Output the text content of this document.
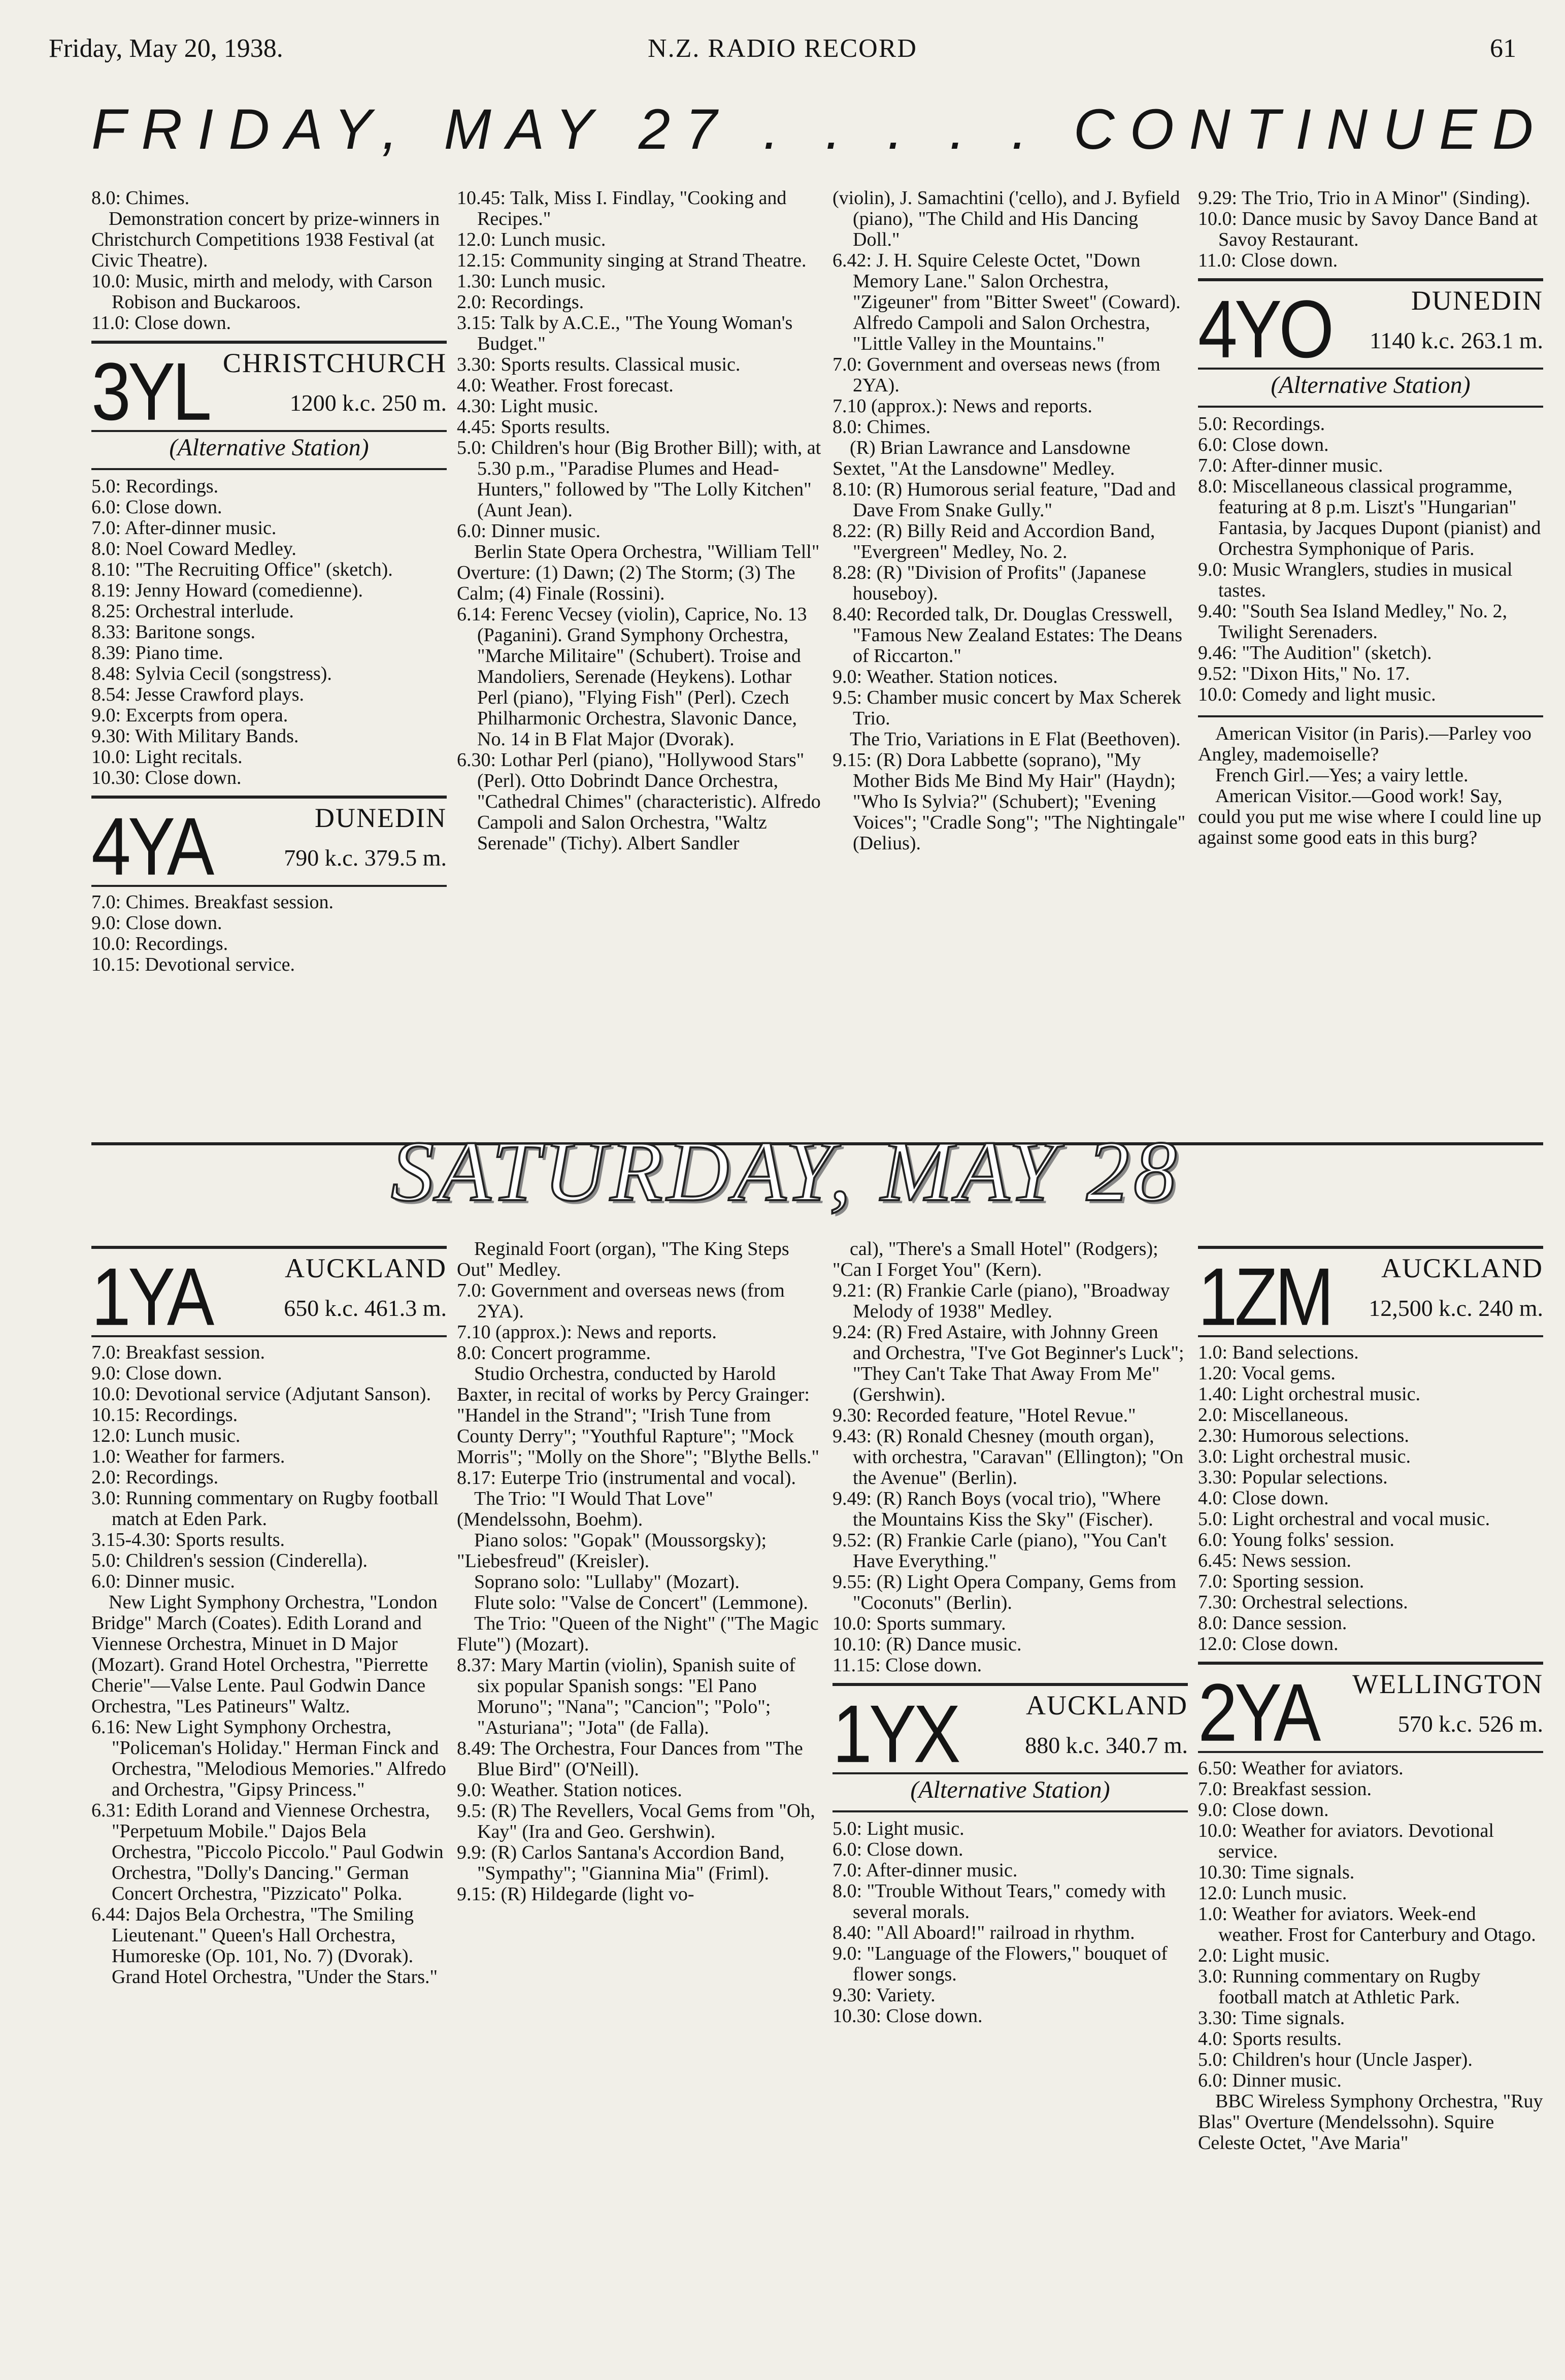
Friday, May 20, 1938.	N.Z. RADIO RECORD	61
FRIDAY, MAY 27 . . . . . CONTINUED

8.0: Chimes.

Demonstration concert by prize-winners in Christchurch Competitions 1938 Festival (at Civic Theatre).

10.0: Music, mirth and melody, with Carson Robison and Buckaroos.

11.0: Close down.

3YL CHRISTCHURCH
1200 k.c. 250 m.
(Alternative Station)

5.0: Recordings.

6.0: Close down.

7.0: After-dinner music.

8.0: Noel Coward Medley.

8.10: "The Recruiting Office" (sketch).

8.19: Jenny Howard (comedienne).

8.25: Orchestral interlude.

8.33: Baritone songs.

8.39: Piano time.

8.48: Sylvia Cecil (songstress).

8.54: Jesse Crawford plays.

9.0: Excerpts from opera.

9.30: With Military Bands.

10.0: Light recitals.

10.30: Close down.

4YA	DUNEDIN
790 k.c. 379.5 m.

7.0: Chimes. Breakfast session.

9.0: Close down.

10.0: Recordings.

10.15: Devotional service.

10.45: Talk, Miss I. Findlay, "Cooking and Recipes."

12.0: Lunch music.

12.15: Community singing at Strand Theatre.

1.30: Lunch music.

2.0: Recordings.

3.15: Talk by A.C.E., "The Young Woman's Budget."

3.30: Sports results. Classical music.

4.0: Weather. Frost forecast.

4.30: Light music.

4.45: Sports results.

5.0: Children's hour (Big Brother Bill); with, at 5.30 p.m., "Paradise Plumes and Head-Hunters," followed by "The Lolly Kitchen" (Aunt Jean).

6.0: Dinner music.

Berlin State Opera Orchestra, "William Tell" Overture: (1) Dawn; (2) The Storm; (3) The Calm; (4) Finale (Rossini).

6.14: Ferenc Vecsey (violin), Caprice, No. 13 (Paganini). Grand Symphony Orchestra, "Marche Militaire" (Schubert). Troise and Mandoliers, Serenade (Heykens). Lothar Perl (piano), "Flying Fish" (Perl). Czech Philharmonic Orchestra, Slavonic Dance, No. 14 in B Flat Major (Dvorak).

6.30: Lothar Perl (piano), "Hollywood Stars" (Perl). Otto Dobrindt Dance Orchestra, "Cathedral Chimes" (characteristic). Alfredo Campoli and Salon Orchestra, "Waltz Serenade" (Tichy). Albert Sandler

(violin), J. Samachtini ('cello), and J. Byfield (piano), "The Child and His Dancing Doll."

6.42: J. H. Squire Celeste Octet, "Down Memory Lane." Salon Orchestra, "Zigeuner" from "Bitter Sweet" (Coward). Alfredo Campoli and Salon Orchestra, "Little Valley in the Mountains."

7.0: Government and overseas news (from 2YA).

7.10 (approx.): News and reports.

8.0: Chimes.

(R) Brian Lawrance and Lansdowne Sextet, "At the Lansdowne" Medley.

8.10: (R) Humorous serial feature, "Dad and Dave From Snake Gully."

8.22: (R) Billy Reid and Accordion Band, "Evergreen" Medley, No. 2.

8.28: (R) "Division of Profits" (Japanese houseboy).

8.40: Recorded talk, Dr. Douglas Cresswell, "Famous New Zealand Estates: The Deans of Riccarton."

9.0: Weather. Station notices.

9.5: Chamber music concert by Max Scherek Trio.

The Trio, Variations in E Flat (Beethoven).

9.15: (R) Dora Labbette (soprano), "My Mother Bids Me Bind My Hair" (Haydn); "Who Is Sylvia?" (Schubert); "Evening Voices"; "Cradle Song"; "The Nightingale" (Delius).

9.29: The Trio, Trio in A Minor" (Sinding).

10.0: Dance music by Savoy Dance Band at Savoy Restaurant.

11.0: Close down.

4YO	DUNEDIN
1140 k.c. 263.1 m.
(Alternative Station)

5.0: Recordings.

6.0: Close down.

7.0: After-dinner music.

8.0: Miscellaneous classical programme, featuring at 8 p.m. Liszt's "Hungarian" Fantasia, by Jacques Dupont (pianist) and Orchestra Symphonique of Paris.

9.0: Music Wranglers, studies in musical tastes.

9.40: "South Sea Island Medley," No. 2, Twilight Serenaders.

9.46: "The Audition" (sketch).

9.52: "Dixon Hits," No. 17.

10.0: Comedy and light music.

American Visitor (in Paris).—Parley voo Angley, mademoiselle?

French Girl.—Yes; a vairy lettle.

American Visitor.—Good work! Say, could you put me wise where I could line up against some good eats in this burg?

SATURDAY, MAY 28
1YA	AUCKLAND
650 k.c. 461.3 m.

7.0: Breakfast session.

9.0: Close down.

10.0: Devotional service (Adjutant Sanson).

10.15: Recordings.

12.0: Lunch music.

1.0: Weather for farmers.

2.0: Recordings.

3.0: Running commentary on Rugby football match at Eden Park.

3.15-4.30: Sports results.

5.0: Children's session (Cinderella).

6.0: Dinner music.

New Light Symphony Orchestra, "London Bridge" March (Coates). Edith Lorand and Viennese Orchestra, Minuet in D Major (Mozart). Grand Hotel Orchestra, "Pierrette Cherie"—Valse Lente. Paul Godwin Dance Orchestra, "Les Patineurs" Waltz.

6.16: New Light Symphony Orchestra, "Policeman's Holiday." Herman Finck and Orchestra, "Melodious Memories." Alfredo and Orchestra, "Gipsy Princess."

6.31: Edith Lorand and Viennese Orchestra, "Perpetuum Mobile." Dajos Bela Orchestra, "Piccolo Piccolo." Paul Godwin Orchestra, "Dolly's Dancing." German Concert Orchestra, "Pizzicato" Polka.

6.44: Dajos Bela Orchestra, "The Smiling Lieutenant." Queen's Hall Orchestra, Humoreske (Op. 101, No. 7) (Dvorak). Grand Hotel Orchestra, "Under the Stars."

Reginald Foort (organ), "The King Steps Out" Medley.

7.0: Government and overseas news (from 2YA).

7.10 (approx.): News and reports.

8.0: Concert programme.

Studio Orchestra, conducted by Harold Baxter, in recital of works by Percy Grainger: "Handel in the Strand"; "Irish Tune from County Derry"; "Youthful Rapture"; "Mock Morris"; "Molly on the Shore"; "Blythe Bells."

8.17: Euterpe Trio (instrumental and vocal).

The Trio: "I Would That Love" (Mendelssohn, Boehm).

Piano solos: "Gopak" (Moussorgsky); "Liebesfreud" (Kreisler).

Soprano solo: "Lullaby" (Mozart).

Flute solo: "Valse de Concert" (Lemmone).

The Trio: "Queen of the Night" ("The Magic Flute") (Mozart).

8.37: Mary Martin (violin), Spanish suite of six popular Spanish songs: "El Pano Moruno"; "Nana"; "Cancion"; "Polo"; "Asturiana"; "Jota" (de Falla).

8.49: The Orchestra, Four Dances from "The Blue Bird" (O'Neill).

9.0: Weather. Station notices.

9.5: (R) The Revellers, Vocal Gems from "Oh, Kay" (Ira and Geo. Gershwin).

9.9: (R) Carlos Santana's Accordion Band, "Sympathy"; "Giannina Mia" (Friml).

9.15: (R) Hildegarde (light vo-

cal), "There's a Small Hotel" (Rodgers); "Can I Forget You" (Kern).

9.21: (R) Frankie Carle (piano), "Broadway Melody of 1938" Medley.

9.24: (R) Fred Astaire, with Johnny Green and Orchestra, "I've Got Beginner's Luck"; "They Can't Take That Away From Me" (Gershwin).

9.30: Recorded feature, "Hotel Revue."

9.43: (R) Ronald Chesney (mouth organ), with orchestra, "Caravan" (Ellington); "On the Avenue" (Berlin).

9.49: (R) Ranch Boys (vocal trio), "Where the Mountains Kiss the Sky" (Fischer).

9.52: (R) Frankie Carle (piano), "You Can't Have Everything."

9.55: (R) Light Opera Company, Gems from "Coconuts" (Berlin).

10.0: Sports summary.

10.10: (R) Dance music.

11.15: Close down.

1YX AUCKLAND
880 k.c. 340.7 m.
(Alternative Station)

5.0: Light music.

6.0: Close down.

7.0: After-dinner music.

8.0: "Trouble Without Tears," comedy with several morals.

8.40: "All Aboard!" railroad in rhythm.

9.0: "Language of the Flowers," bouquet of flower songs.

9.30: Variety.

10.30: Close down.

1ZM AUCKLAND
12,500 k.c. 240 m.

1.0: Band selections.

1.20: Vocal gems.

1.40: Light orchestral music.

2.0: Miscellaneous.

2.30: Humorous selections.

3.0: Light orchestral music.

3.30: Popular selections.

4.0: Close down.

5.0: Light orchestral and vocal music.

6.0: Young folks' session.

6.45: News session.

7.0: Sporting session.

7.30: Orchestral selections.

8.0: Dance session.

12.0: Close down.

2YA WELLINGTON
570 k.c. 526 m.

6.50: Weather for aviators.

7.0: Breakfast session.

9.0: Close down.

10.0: Weather for aviators. Devotional service.

10.30: Time signals.

12.0: Lunch music.

1.0: Weather for aviators. Week-end weather. Frost for Canterbury and Otago.

2.0: Light music.

3.0: Running commentary on Rugby football match at Athletic Park.

3.30: Time signals.

4.0: Sports results.

5.0: Children's hour (Uncle Jasper).

6.0: Dinner music.

BBC Wireless Symphony Orchestra, "Ruy Blas" Overture (Mendelssohn). Squire Celeste Octet, "Ave Maria"
